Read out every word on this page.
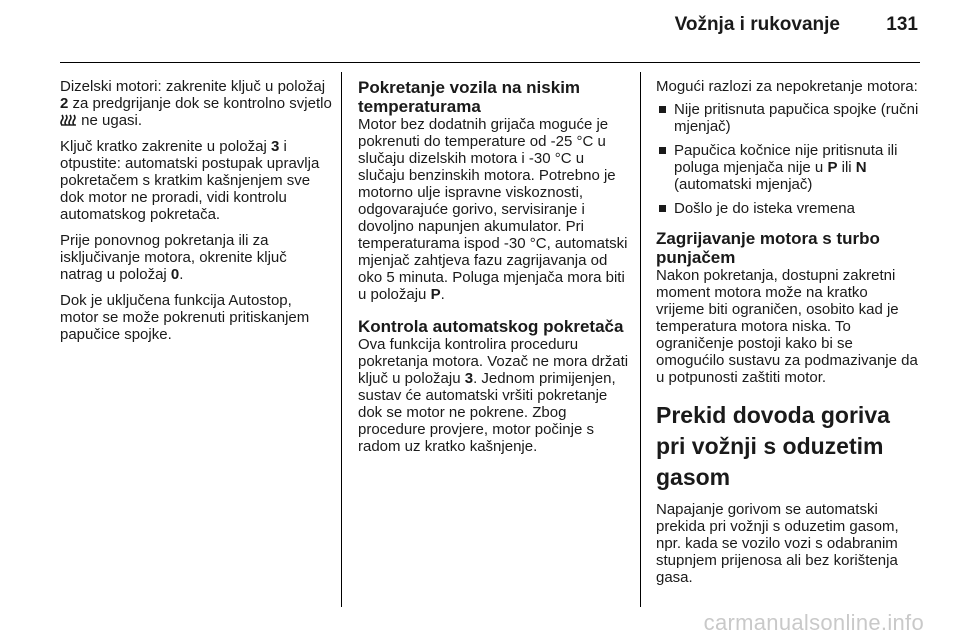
Vožnja i rukovanje 131

Dizelski motori: zakrenite ključ u položaj 2 za predgrijanje dok se kontrolno svjetlo  ne ugasi.

Ključ kratko zakrenite u položaj 3 i otpustite: automatski postupak upravlja pokretačem s kratkim kašnjenjem sve dok motor ne proradi, vidi kontrolu automatskog pokretača.

Prije ponovnog pokretanja ili za isključivanje motora, okrenite ključ natrag u položaj 0.

Dok je uključena funkcija Autostop, motor se može pokrenuti pritiskanjem papučice spojke.

Pokretanje vozila na niskim temperaturama

Motor bez dodatnih grijača moguće je pokrenuti do temperature od -25 °C u slučaju dizelskih motora i -30 °C u slučaju benzinskih motora. Potrebno je motorno ulje ispravne viskoznosti, odgovarajuće gorivo, servisiranje i dovoljno napunjen akumulator. Pri temperaturama ispod -30 °C, automatski mjenjač zahtjeva fazu zagrijavanja od oko 5 minuta. Poluga mjenjača mora biti u položaju P.

Kontrola automatskog pokretača

Ova funkcija kontrolira proceduru pokretanja motora. Vozač ne mora držati ključ u položaju 3. Jednom primijenjen, sustav će automatski vršiti pokretanje dok se motor ne pokrene. Zbog procedure provjere, motor počinje s radom uz kratko kašnjenje.

Mogući razlozi za nepokretanje motora:
Nije pritisnuta papučica spojke (ručni mjenjač)
Papučica kočnice nije pritisnuta ili poluga mjenjača nije u P ili N (automatski mjenjač)
Došlo je do isteka vremena
Zagrijavanje motora s turbo punjačem

Nakon pokretanja, dostupni zakretni moment motora može na kratko vrijeme biti ograničen, osobito kad je temperatura motora niska. To ograničenje postoji kako bi se omogućilo sustavu za podmazivanje da u potpunosti zaštiti motor.

Prekid dovoda goriva pri vožnji s oduzetim gasom

Napajanje gorivom se automatski prekida pri vožnji s oduzetim gasom, npr. kada se vozilo vozi s odabranim stupnjem prijenosa ali bez korištenja gasa.

carmanualsonline.info
